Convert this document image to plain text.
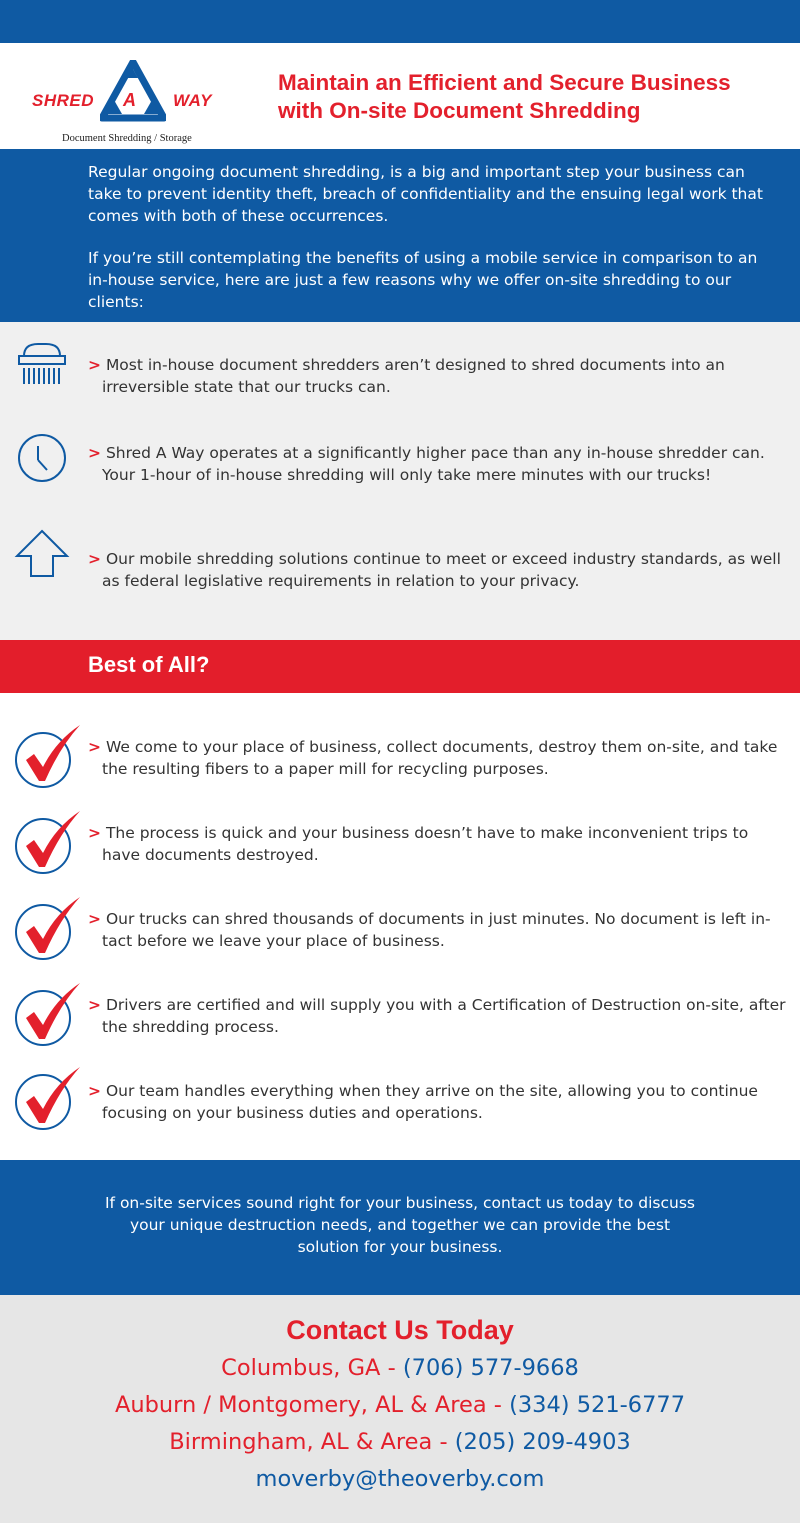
SHRED A WAY
Document Shredding / Storage
Maintain an Efficient and Secure Business
with On-site Document Shredding

Regular ongoing document shredding, is a big and important step your business can take to prevent identity theft, breach of confidentiality and the ensuing legal work that comes with both of these occurrences.

If you’re still contemplating the benefits of using a mobile service in comparison to an in-house service, here are just a few reasons why we offer on-site shredding to our clients:

> Most in-house document shredders aren’t designed to shred documents into an irreversible state that our trucks can.
> Shred A Way operates at a significantly higher pace than any in-house shredder can. Your 1-hour of in-house shredding will only take mere minutes with our trucks!
> Our mobile shredding solutions continue to meet or exceed industry standards, as well as federal legislative requirements in relation to your privacy.
Best of All?
> We come to your place of business, collect documents, destroy them on-site, and take the resulting fibers to a paper mill for recycling purposes.
> The process is quick and your business doesn’t have to make inconvenient trips to have documents destroyed.
> Our trucks can shred thousands of documents in just minutes. No document is left in-tact before we leave your place of business.
> Drivers are certified and will supply you with a Certification of Destruction on-site, after the shredding process.
> Our team handles everything when they arrive on the site, allowing you to continue focusing on your business duties and operations.

If on-site services sound right for your business, contact us today to discuss your unique destruction needs, and together we can provide the best solution for your business.

Contact Us Today
Columbus, GA - (706) 577-9668
Auburn / Montgomery, AL & Area - (334) 521-6777
Birmingham, AL & Area - (205) 209-4903
moverby@theoverby.com
